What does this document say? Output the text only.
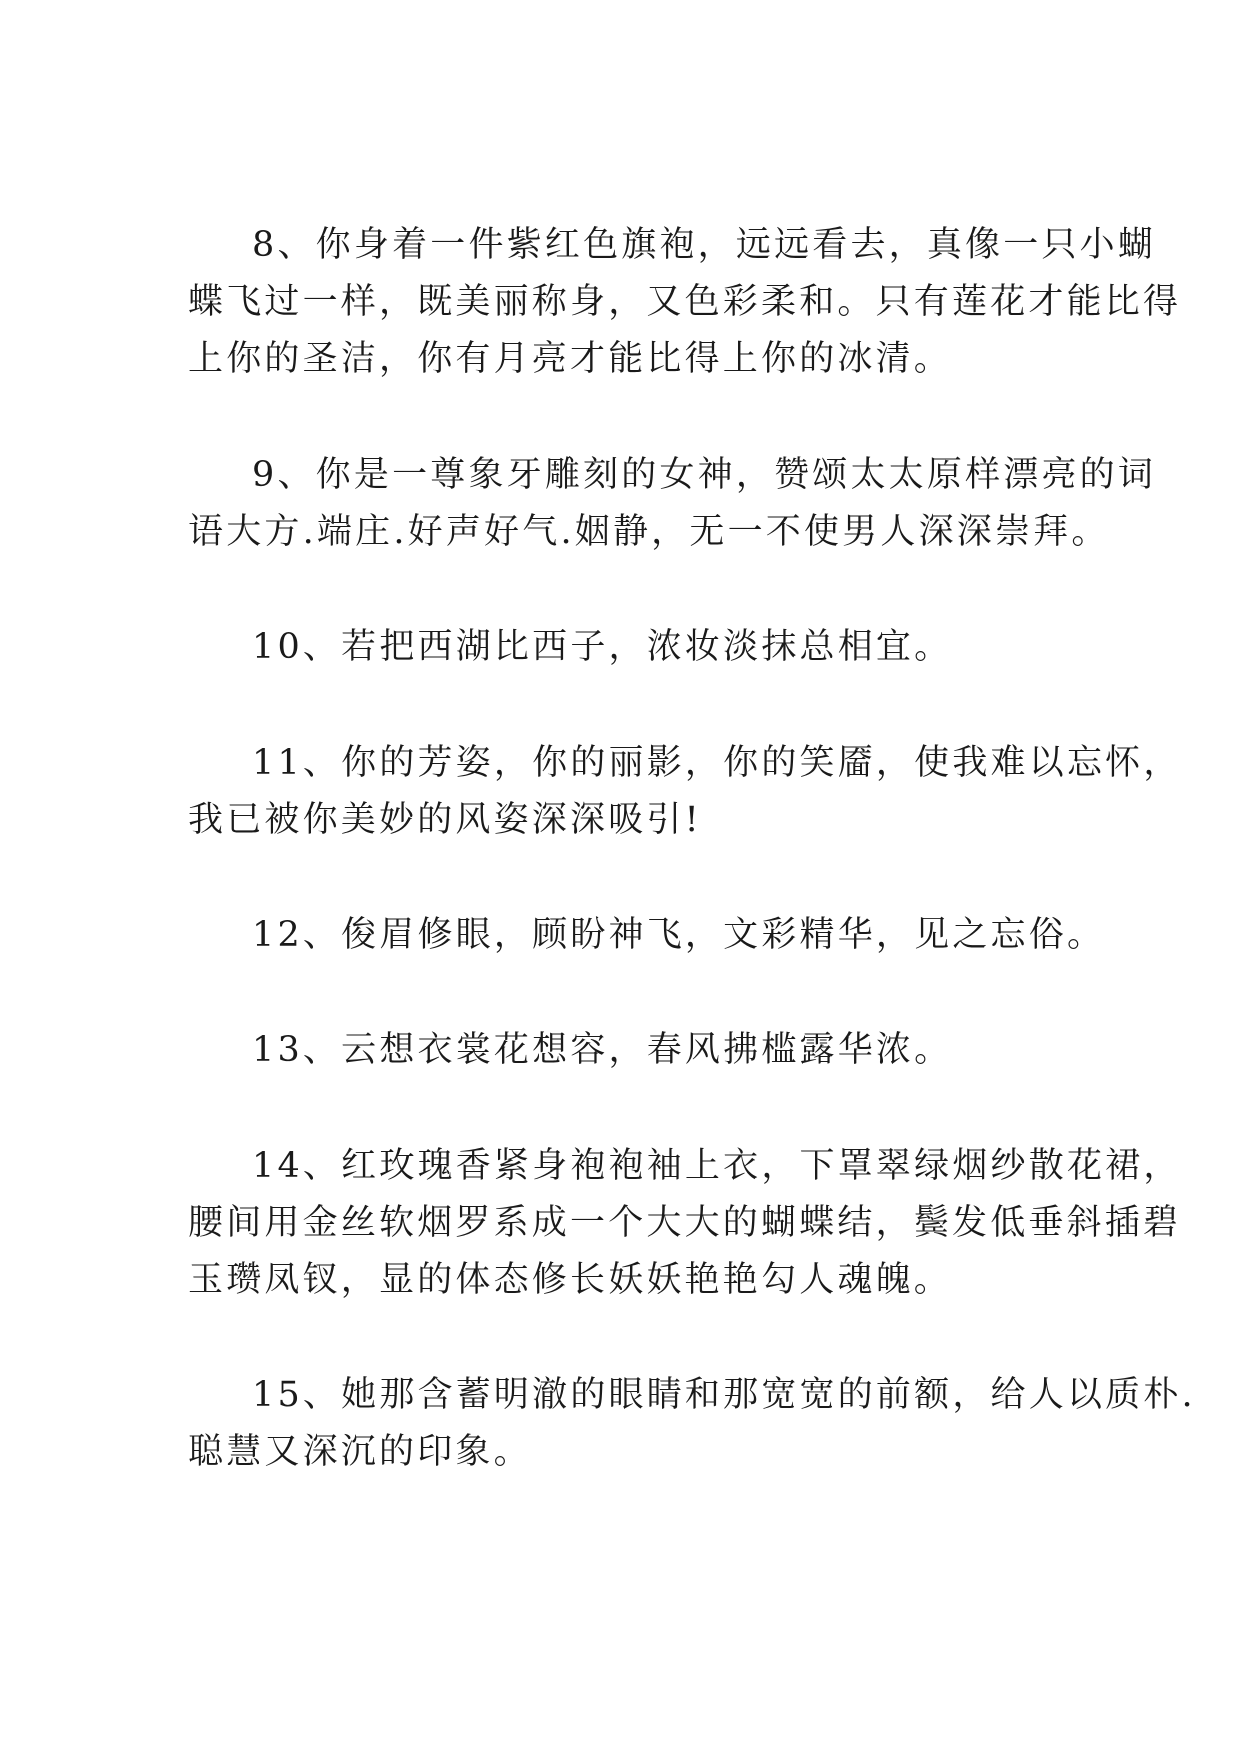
8、你身着一件紫红色旗袍，远远看去，真像一只小蝴
蝶飞过一样，既美丽称身，又色彩柔和。只有莲花才能比得
上你的圣洁，你有月亮才能比得上你的冰清。
9、你是一尊象牙雕刻的女神，赞颂太太原样漂亮的词
语大方.端庄.好声好气.姻静，无一不使男人深深崇拜。
10、若把西湖比西子，浓妆淡抹总相宜。
11、你的芳姿，你的丽影，你的笑靥，使我难以忘怀，
我已被你美妙的风姿深深吸引!
12、俊眉修眼，顾盼神飞，文彩精华，见之忘俗。
13、云想衣裳花想容，春风拂槛露华浓。
14、红玫瑰香紧身袍袍袖上衣，下罩翠绿烟纱散花裙，
腰间用金丝软烟罗系成一个大大的蝴蝶结，鬓发低垂斜插碧
玉瓒凤钗，显的体态修长妖妖艳艳勾人魂魄。
15、她那含蓄明澈的眼睛和那宽宽的前额，给人以质朴.
聪慧又深沉的印象。
